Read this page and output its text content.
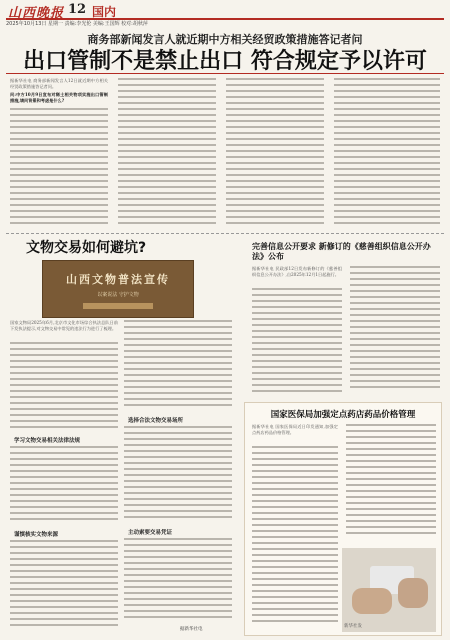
山西晚报 12 国内
2025年10月13日 星期一 责编:李光伦 美编:王国辉 校对:胡秋萍
商务部新闻发言人就近期中方相关经贸政策措施答记者问
出口管制不是禁止出口 符合规定予以许可
据新华社电 商务部新闻发言人12日就近期中方相关经贸政策措施答记者问。
问:中方10月9日宣布对稀土相关物项实施出口管制措施,请问背景和考虑是什么?
文物交易如何避坑?
山西文物普法宣传
以案说法 守护文物
国家文物局2025年6月,北京市文化市场综合执法总队日前下发执法提示,对文物交易中常见的违法行为进行了梳理。
学习文物交易相关法律法规
谨慎核实文物来源
选择合法文物交易场所
主动索要交易凭证
据新华社电
完善信息公开要求 新修订的《慈善组织信息公开办法》公布
据新华社电 民政部12日发布新修订的《慈善组织信息公开办法》,自2025年12月1日起施行。
国家医保局加强定点药店药品价格管理
据新华社电 国家医保局近日印发通知,加强定点药店药品价格管理。
新华社发
